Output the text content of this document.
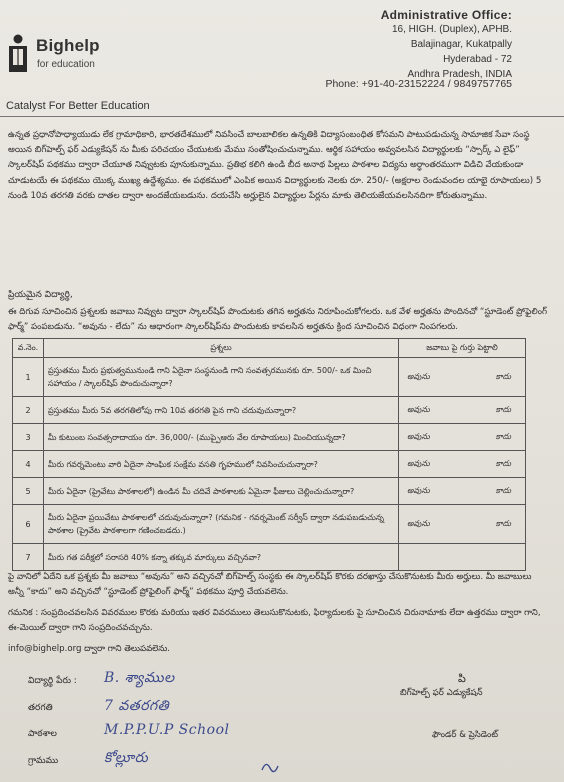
Bighelp
for education
Catalyst For Better Education
Administrative Office:
16, HIGH. (Duplex), APHB.
Balajinagar, Kukatpally
Hyderabad - 72
Andhra Pradesh, INDIA
Phone: +91-40-23152224 / 9849757765
ఉన్నత ప్రధానోపాధ్యాయుడు లేక గ్రామాధికారి, భారతదేశములో నివసించే బాలబాలికల ఉన్నతికి విద్యాసంబంధిత కోసమని పాటుపడుచున్న సామాజిక సేవా సంస్థ అయిన బిగ్‌హెల్ప్ ఫర్ ఎడ్యుకేషన్ ను మీకు పరిచయం చేయుటకు మేము సంతోషించుచున్నాము. ఆర్థిక సహాయం అవ్వవలసిన విద్యార్థులకు “స్పార్క్ ఎ లైఫ్” స్కాలర్‌షిప్ పథకము ద్వారా చేయూత నివ్వుటకు పూనుకున్నాము. ప్రతిభ కలిగి ఉండి బీద అనాథ పిల్లలు పాఠశాల విద్యను అర్ధాంతరముగా విడిచి వేయకుండా చూడుటయే ఈ పథకము యొక్క ముఖ్య ఉద్దేశ్యము. ఈ పథకములో ఎంపిక అయిన విద్యార్థులకు నెలకు రూ. 250/- (అక్షరాల రెండువందల యాభై రూపాయలు) 5 నుండి 10వ తరగతి వరకు దాతల ద్వారా అందజేయబడును. దయచేసి అర్హులైన విద్యార్థుల పేర్లను మాకు తెలియజేయవలసినదిగా కోరుతున్నాము.
ప్రియమైన విద్యార్థి,
ఈ దిగువ సూచించిన ప్రశ్నలకు జవాబు నివ్వుట ద్వారా స్కాలర్‌షిప్ పొందుటకు తగిన అర్హతను నిరూపించుకోగలరు. ఒక వేళ అర్హతను పొందినచో “స్టూడెంట్ ప్రోఫైలింగ్ ఫార్మ్” పంపబడును. “అవును - లేదు” ను ఆధారంగా స్కాలర్‌షిప్‌ను పొందుటకు కావలసిన అర్హతను క్రింద సూచించిన విధంగా నింపగలరు.
వ.నెం.	ప్రశ్నలు	జవాబు పై గుర్తు పెట్టాలి
1	ప్రస్తుతము మీరు ప్రభుత్వమునుండి గాని ఏదైనా సంస్థనుండి గాని సంవత్సరమునకు రూ. 500/- ఒక మించి సహాయం / స్కాలర్‌షిప్ పొందుచున్నారా?	అవును కాదు

2	ప్రస్తుతము మీరు 5వ తరగతిలోపు గాని 10వ తరగతి పైన గాని చదువుచున్నారా?	అవును కాదు

3	మీ కుటుంబ సంవత్సరాదాయం రూ. 36,000/- (ముప్పైఆరు వేల రూపాయలు) మించియున్నదా?	అవును కాదు

4	మీరు గవర్నమెంటు వారి ఏదైనా సాంఘిక సంక్షేమ వసతి గృహములో నివసించుచున్నారా?	అవును కాదు

5	మీరు ఏదైనా (ప్రైవేటు పాఠశాలలో) ఉండిన మీ చదివే పాఠశాలకు ఏమైనా ఫీజులు చెల్లించుచున్నారా?	అవును కాదు

6	మీరు ఏదైనా ప్రయివేటు పాఠశాలలో చదువుచున్నారా? (గమనిక - గవర్నమెంట్ సర్వీస్ ద్వారా నడుపబడుచున్న పాఠశాల (ప్రైవేట పాఠశాలగా గణించబడదు.)	అవును కాదు

7	మీరు గత పరీక్షలో సరాసరి 40% కన్నా తక్కువ మార్కులు వచ్చినవా?	
పై వానిలో ఏదేని ఒక ప్రశ్నకు మీ జవాబు “అవును” అని వచ్చినచో బిగ్‌హెల్ప్ సంస్థకు ఈ స్కాలర్‌షిప్ కొరకు దరఖాస్తు చేసుకొనుటకు మీరు అర్హులు. మీ జవాబులు అన్నీ “కాదు” అని వచ్చినచో “స్టూడెంట్ ప్రోఫైలింగ్ ఫార్మ్” పథకము పూర్తి చేయవలెను.
గమనిక : సంప్రదించవలసిన వివరముల కొరకు మరియు ఇతర వివరములు తెలుసుకొనుటకు, ఫిర్యాదులకు పై సూచించిన చిరునామాకు లేదా ఉత్తరము ద్వారా గాని, ఈ-మెయిల్ ద్వారా గాని సంప్రదించవచ్చును.
info@bighelp.org ద్వారా గాని తెలుపవలెను.
విద్యార్థి పేరు : B. శ్యాముల
తరగతి	7 వతరగతి
పాఠశాల	M.P.P.U.P School
గ్రామము	కోల్లూరు
పి
బిగ్‌హెల్ప్ ఫర్ ఎడ్యుకేషన్
ఫౌండర్ & ప్రెసిడెంట్
